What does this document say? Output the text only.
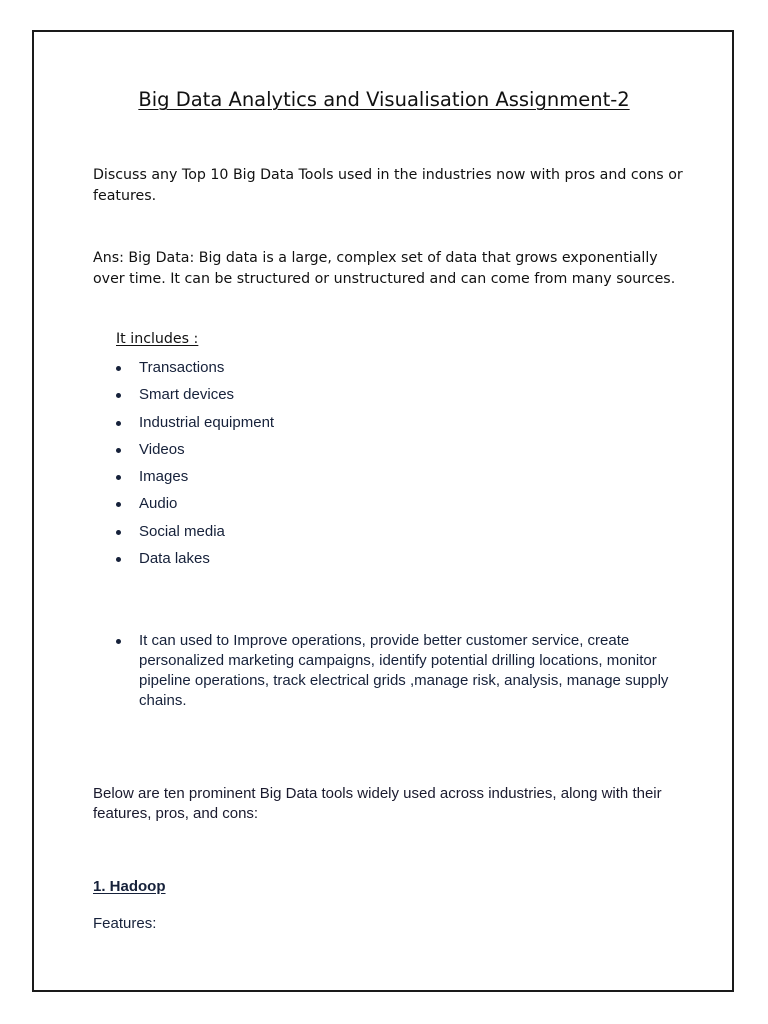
Big Data Analytics and Visualisation Assignment-2

Discuss any Top 10 Big Data Tools used in the industries now with pros and cons or features.

Ans: Big Data: Big data is a large, complex set of data that grows exponentially over time. It can be structured or unstructured and can come from many sources.

It includes :

Transactions
Smart devices
Industrial equipment
Videos
Images
Audio
Social media
Data lakes

It can used to Improve operations, provide better customer service, create personalized marketing campaigns, identify potential drilling locations, monitor pipeline operations, track electrical grids ,manage risk, analysis, manage supply chains.

Below are ten prominent Big Data tools widely used across industries, along with their features, pros, and cons:

1. Hadoop

Features:
